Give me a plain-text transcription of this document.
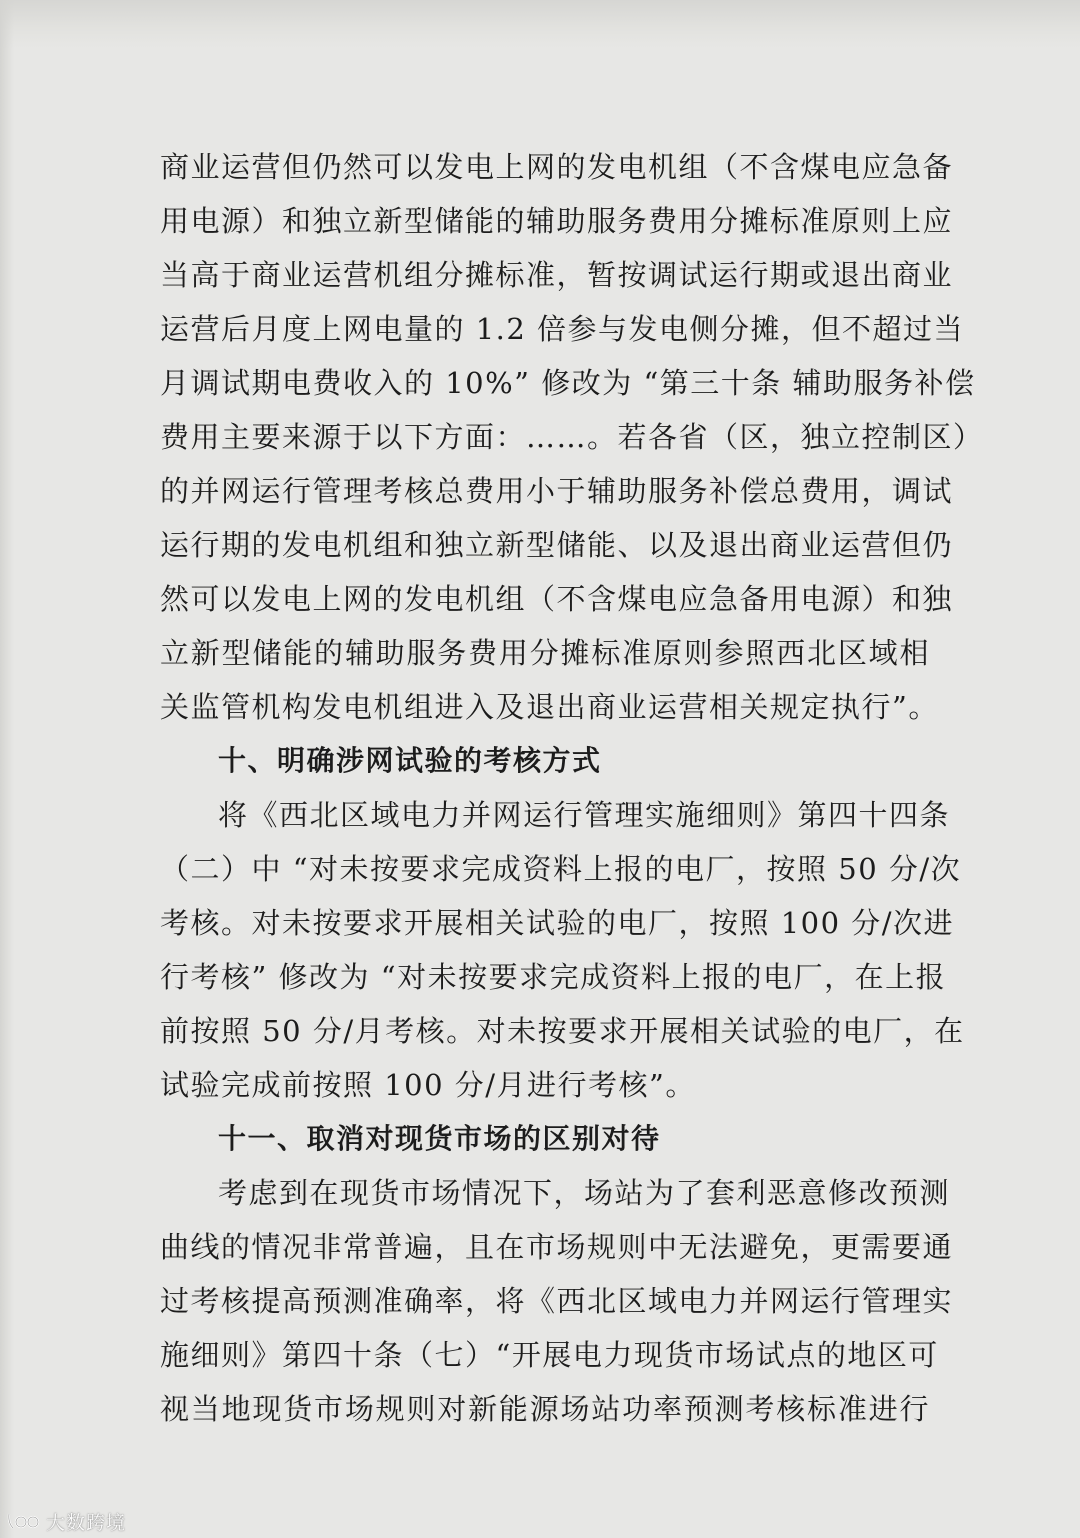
商业运营但仍然可以发电上网的发电机组（不含煤电应急备
用电源）和独立新型储能的辅助服务费用分摊标准原则上应
当高于商业运营机组分摊标准，暂按调试运行期或退出商业
运营后月度上网电量的 1.2 倍参与发电侧分摊，但不超过当
月调试期电费收入的 10%” 修改为 “第三十条 辅助服务补偿
费用主要来源于以下方面：……。若各省（区，独立控制区）
的并网运行管理考核总费用小于辅助服务补偿总费用，调试
运行期的发电机组和独立新型储能、以及退出商业运营但仍
然可以发电上网的发电机组（不含煤电应急备用电源）和独
立新型储能的辅助服务费用分摊标准原则参照西北区域相
关监管机构发电机组进入及退出商业运营相关规定执行”。
十、明确涉网试验的考核方式
将《西北区域电力并网运行管理实施细则》第四十四条
（二）中 “对未按要求完成资料上报的电厂，按照 50 分/次
考核。对未按要求开展相关试验的电厂，按照 100 分/次进
行考核” 修改为 “对未按要求完成资料上报的电厂，在上报
前按照 50 分/月考核。对未按要求开展相关试验的电厂，在
试验完成前按照 100 分/月进行考核”。
十一、取消对现货市场的区别对待
考虑到在现货市场情况下，场站为了套利恶意修改预测
曲线的情况非常普遍，且在市场规则中无法避免，更需要通
过考核提高预测准确率，将《西北区域电力并网运行管理实
施细则》第四十条（七）“开展电力现货市场试点的地区可
视当地现货市场规则对新能源场站功率预测考核标准进行
大数跨境
